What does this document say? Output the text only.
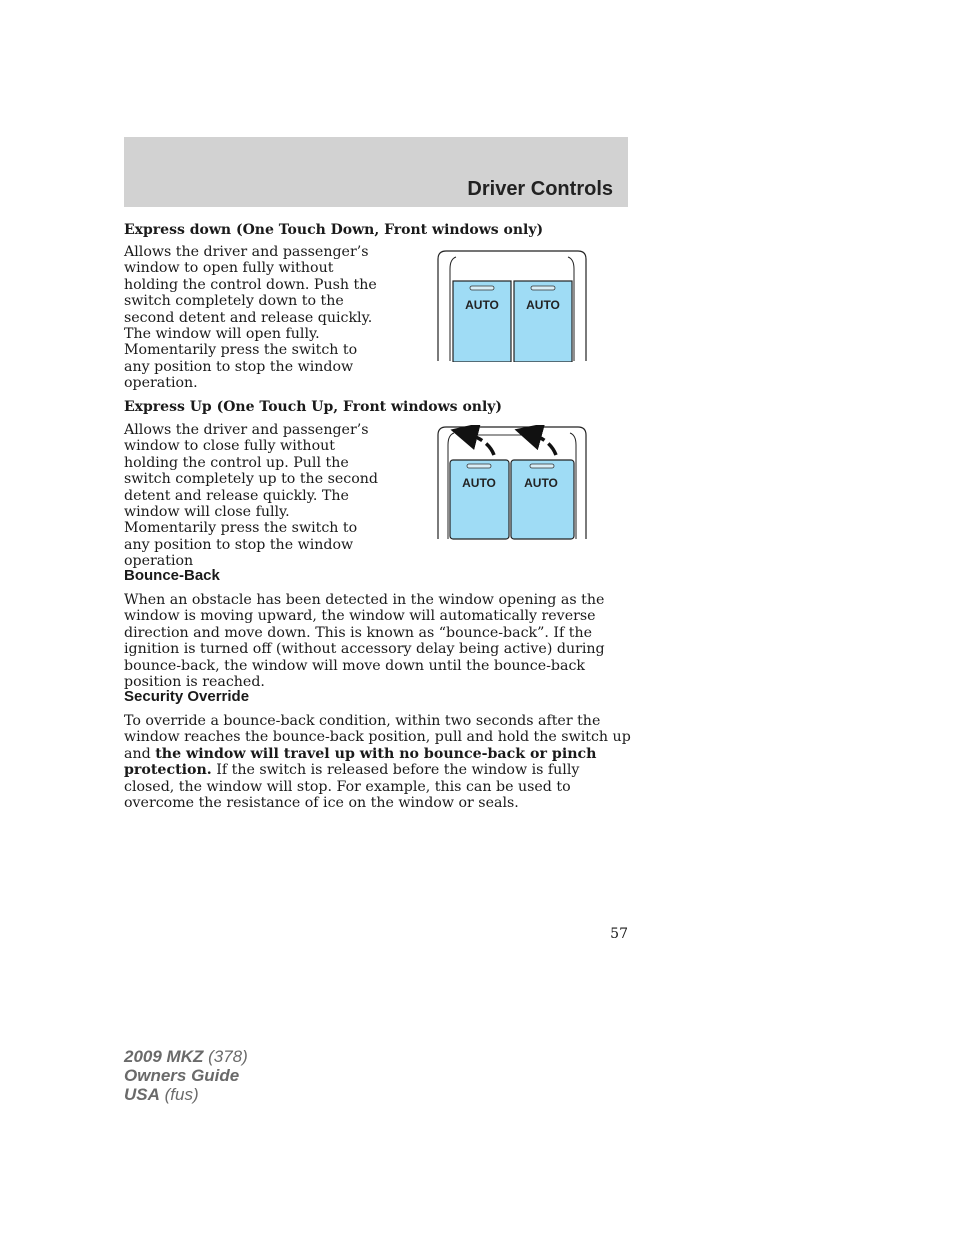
Driver Controls
Express down (One Touch Down, Front windows only)
Allows the driver and passenger’s window to open fully without holding the control down. Push the switch completely down to the second detent and release quickly. The window will open fully. Momentarily press the switch to any position to stop the window operation.
AUTO AUTO
Express Up (One Touch Up, Front windows only)
Allows the driver and passenger’s window to close fully without holding the control up. Pull the switch completely up to the second detent and release quickly. The window will close fully. Momentarily press the switch to any position to stop the window operation
AUTO AUTO
Bounce-Back
When an obstacle has been detected in the window opening as the window is moving upward, the window will automatically reverse direction and move down. This is known as “bounce-back”. If the ignition is turned off (without accessory delay being active) during bounce-back, the window will move down until the bounce-back position is reached.
Security Override
To override a bounce-back condition, within two seconds after the window reaches the bounce-back position, pull and hold the switch up and the window will travel up with no bounce-back or pinch protection. If the switch is released before the window is fully closed, the window will stop. For example, this can be used to overcome the resistance of ice on the window or seals.
57
2009 MKZ (378)
Owners Guide
USA (fus)
